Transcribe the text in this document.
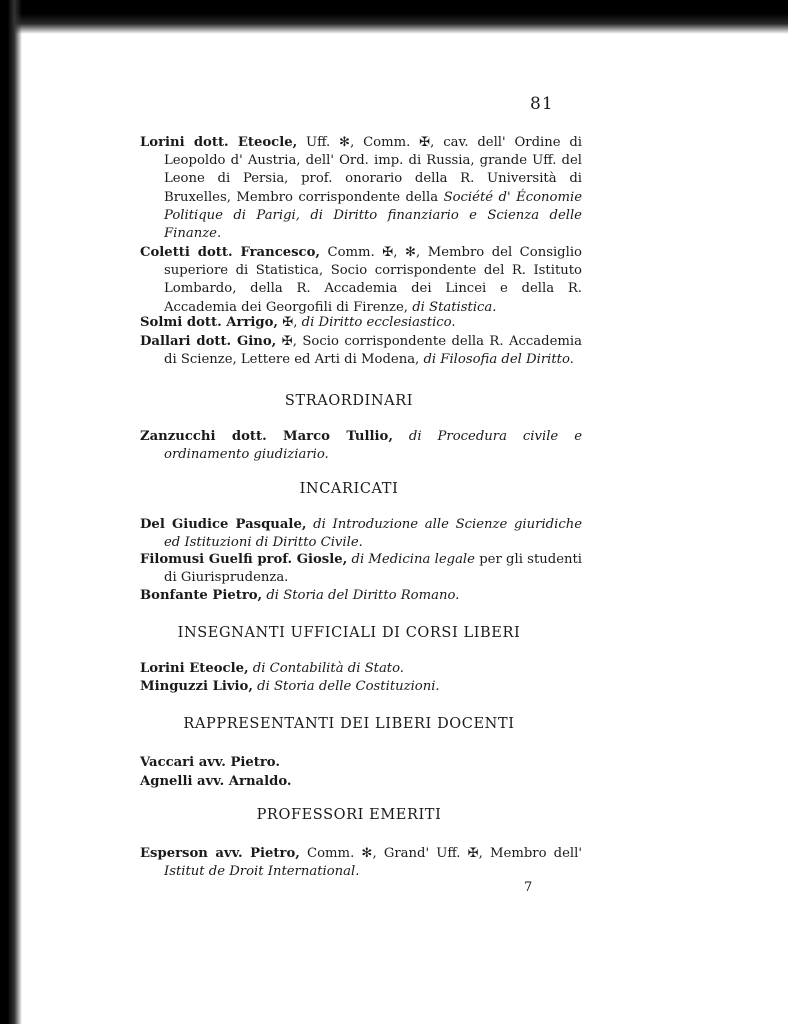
81
Lorini dott. Eteocle, Uff. ✻, Comm. ✠, cav. dell' Ordine di Leopoldo d' Austria, dell' Ord. imp. di Russia, grande Uff. del Leone di Persia, prof. onorario della R. Università di Bruxelles, Membro corrispondente della Société d' Économie Politique di Parigi, di Diritto finanziario e Scienza delle Finanze.
Coletti dott. Francesco, Comm. ✠, ✻, Membro del Consiglio superiore di Statistica, Socio corrispondente del R. Istituto Lombardo, della R. Accademia dei Lincei e della R. Accademia dei Georgofili di Firenze, di Statistica.
Solmi dott. Arrigo, ✠, di Diritto ecclesiastico.
Dallari dott. Gino, ✠, Socio corrispondente della R. Accademia di Scienze, Lettere ed Arti di Modena, di Filosofia del Diritto.
STRAORDINARI
Zanzucchi dott. Marco Tullio, di Procedura civile e ordinamento giudiziario.
INCARICATI
Del Giudice Pasquale, di Introduzione alle Scienze giuridiche ed Istituzioni di Diritto Civile.
Filomusi Guelfi prof. Giosle, di Medicina legale per gli studenti di Giurisprudenza.
Bonfante Pietro, di Storia del Diritto Romano.
INSEGNANTI UFFICIALI DI CORSI LIBERI
Lorini Eteocle, di Contabilità di Stato.
Minguzzi Livio, di Storia delle Costituzioni.
RAPPRESENTANTI DEI LIBERI DOCENTI
Vaccari avv. Pietro.
Agnelli avv. Arnaldo.
PROFESSORI EMERITI
Esperson avv. Pietro, Comm. ✻, Grand' Uff. ✠, Membro dell' Istitut de Droit International.
7
